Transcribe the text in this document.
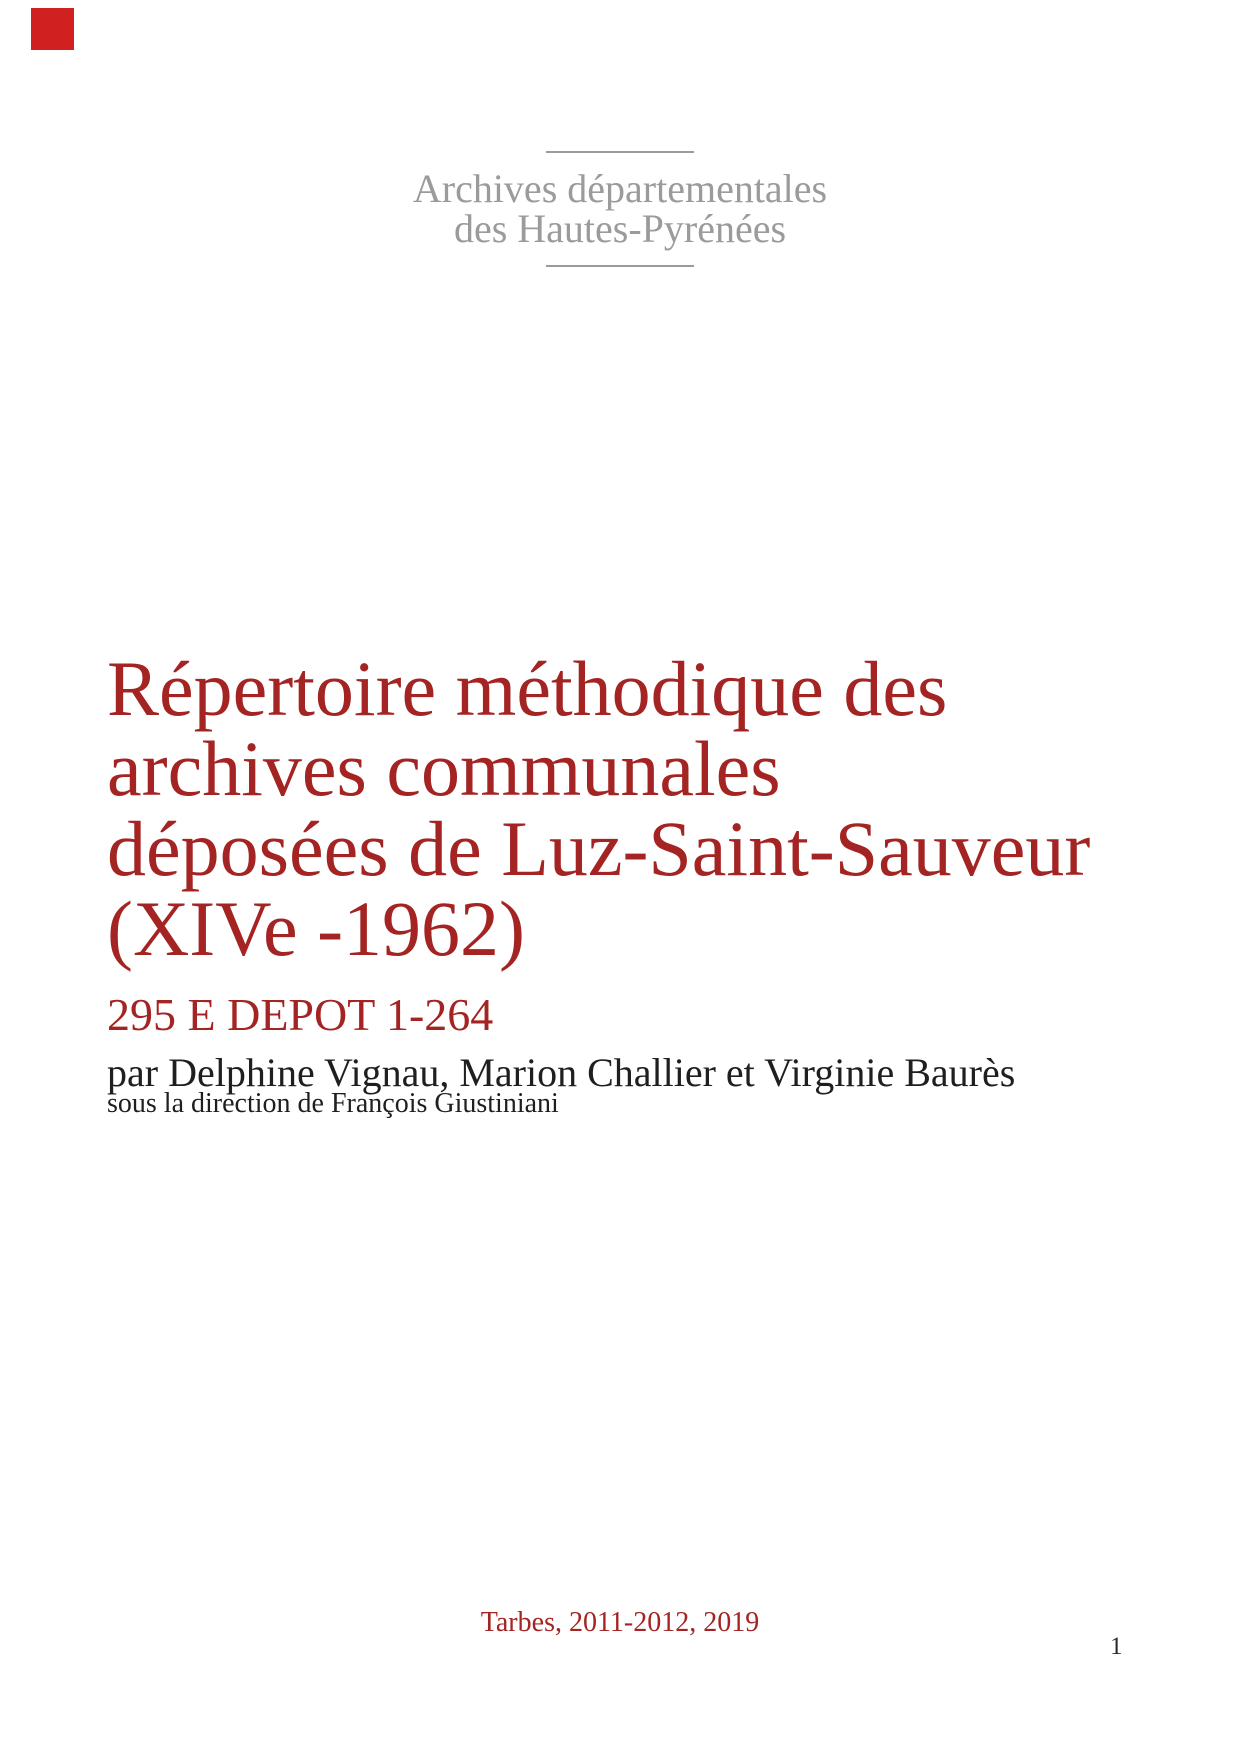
Archives départementales
des Hautes-Pyrénées
Répertoire méthodique des
archives communales
déposées de Luz-Saint-Sauveur
(XIVe -1962)
295 E DEPOT 1-264
par Delphine Vignau, Marion Challier et Virginie Baurès
sous la direction de François Giustiniani
Tarbes, 2011-2012, 2019
1
